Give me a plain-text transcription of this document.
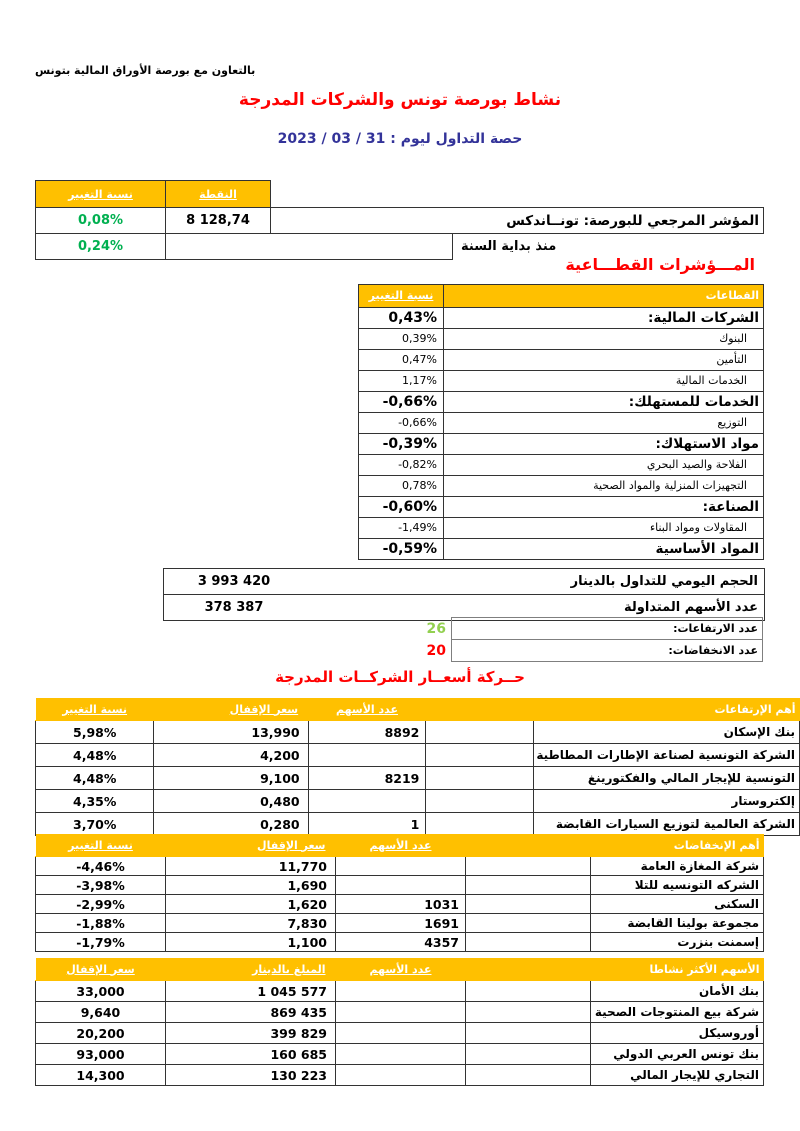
بالتعاون مع بورصة الأوراق المالية بتونس
نشاط بورصة تونس والشركات المدرجة
حصة التداول ليوم : 31 / 03 / 2023
نسبة التغيير	النقطة		
0,08%	8 128,74	المؤشر المرجعي للبورصة: تونــاندكس	
0,24%			منذ بداية السنة
المـــؤشرات القطـــاعية
نسبة التغيير	القطاعات
0,43%	الشركات المالية:
0,39%	البنوك
0,47%	التأمين
1,17%	الخدمات المالية
-0,66%	الخدمات للمستهلك:
-0,66%	التوزيع
-0,39%	مواد الاستهلاك:
-0,82%	الفلاحة والصيد البحري
0,78%	التجهيزات المنزلية والمواد الصحية
-0,60%	الصناعة:
-1,49%	المقاولات ومواد البناء
-0,59%	المواد الأساسية
3 993 420	الحجم اليومي للتداول بالدينار
378 387	عدد الأسهم المتداولة
26	عدد الارتفاعات:
20	عدد الانخفاضات:
حــركة أسعــار الشركــات المدرجة
نسبة التغيير	سعر الإقفال	عدد الأسهم	أهم الإرتفاعات	
5,98%	13,990	8892		بنك الإسكان
4,48%	4,200			الشركة التونسية لصناعة الإطارات المطاطية
4,48%	9,100	8219		التونسية للإيجار المالي والفكتورينغ
4,35%	0,480			إلكتروستار
3,70%	0,280	1		الشركة العالمية لتوزيع السيارات القابضة
نسبة التغيير	سعر الإقفال	عدد الأسهم	أهم الإنخفاضات	
-4,46%	11,770			شركة المغازة العامة
-3,98%	1,690			الشركه التونسيه للتلا
-2,99%	1,620	1031		السكنى
-1,88%	7,830	1691		مجموعة بولينا القابضة
-1,79%	1,100	4357		إسمنت بنزرت
سعر الإقفال	المبلغ بالدينار	عدد الأسهم	الأسهم الأكثر نشاطا	
33,000	1 045 577			بنك الأمان
9,640	869 435			شركة بيع المنتوجات الصحية
20,200	399 829			أوروسيكل
93,000	160 685			بنك تونس العربي الدولي
14,300	130 223			التجاري للإيجار المالي
